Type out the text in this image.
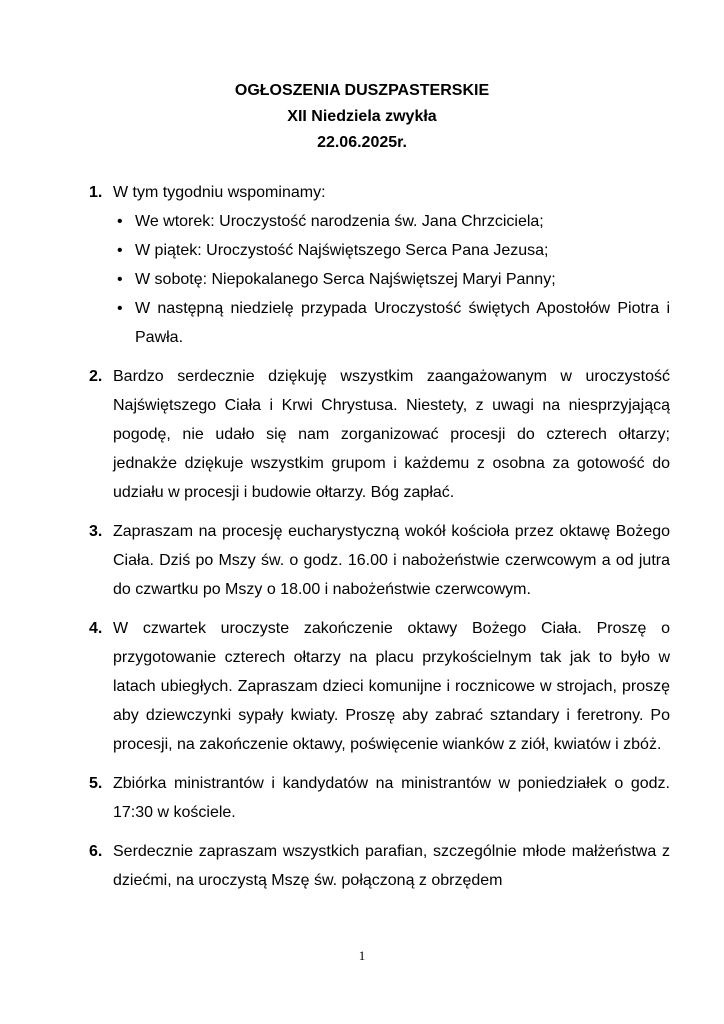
OGŁOSZENIA DUSZPASTERSKIE
XII Niedziela zwykła
22.06.2025r.
1. W tym tygodniu wspominamy:
• We wtorek: Uroczystość narodzenia św. Jana Chrzciciela;
• W piątek: Uroczystość Najświętszego Serca Pana Jezusa;
• W sobotę: Niepokalanego Serca Najświętszej Maryi Panny;
• W następną niedzielę przypada Uroczystość świętych Apostołów Piotra i Pawła.
2. Bardzo serdecznie dziękuję wszystkim zaangażowanym w uroczystość Najświętszego Ciała i Krwi Chrystusa. Niestety, z uwagi na niesprzyjającą pogodę, nie udało się nam zorganizować procesji do czterech ołtarzy; jednakże dziękuje wszystkim grupom i każdemu z osobna za gotowość do udziału w procesji i budowie ołtarzy. Bóg zapłać.
3. Zapraszam na procesję eucharystyczną wokół kościoła przez oktawę Bożego Ciała. Dziś po Mszy św. o godz. 16.00 i nabożeństwie czerwcowym a od jutra do czwartku po Mszy o 18.00 i nabożeństwie czerwcowym.
4. W czwartek uroczyste zakończenie oktawy Bożego Ciała. Proszę o przygotowanie czterech ołtarzy na placu przykościelnym tak jak to było w latach ubiegłych. Zapraszam dzieci komunijne i rocznicowe w strojach, proszę aby dziewczynki sypały kwiaty. Proszę aby zabrać sztandary i feretrony. Po procesji, na zakończenie oktawy, poświęcenie wianków z ziół, kwiatów i zbóż.
5. Zbiórka ministrantów i kandydatów na ministrantów w poniedziałek o godz. 17:30 w kościele.
6. Serdecznie zapraszam wszystkich parafian, szczególnie młode małżeństwa z dziećmi, na uroczystą Mszę św. połączoną z obrzędem
1
